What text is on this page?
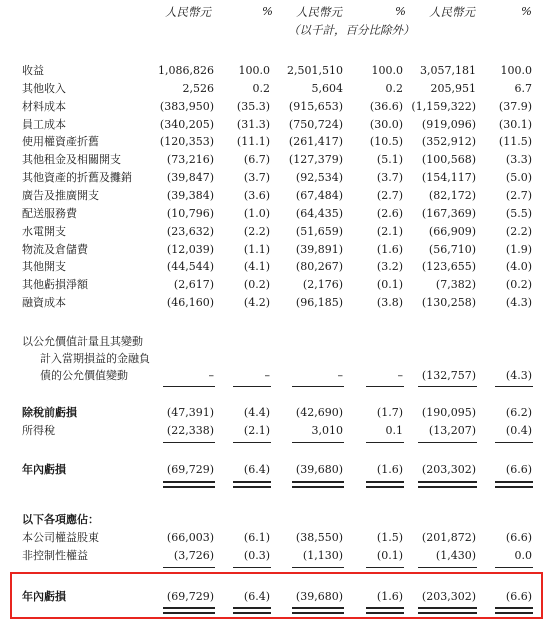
人民幣元	% 人民幣元	% 人民幣元	%
（以千計，百分比除外）
收益	1,086,826 100.0 2,501,510	100.0 3,057,181 100.0
其他收入	2,526	0.2	5,604	0.2	205,951	6.7
材料成本	(383,950) (35.3) (915,653) (36.6) (1,159,322) (37.9)
員工成本	(340,205) (31.3) (750,724) (30.0) (919,096) (30.1)
使用權資產折舊	(120,353) (11.1) (261,417) (10.5) (352,912) (11.5)
其他租金及相關開支	(73,216)	(6.7) (127,379)	(5.1) (100,568)	(3.3)
其他資產的折舊及攤銷	(39,847)	(3.7) (92,534)	(3.7) (154,117)	(5.0)
廣告及推廣開支	(39,384)	(3.6) (67,484)	(2.7) (82,172)	(2.7)
配送服務費	(10,796)	(1.0) (64,435)	(2.6) (167,369)	(5.5)
水電開支	(23,632)	(2.2) (51,659)	(2.1) (66,909)	(2.2)
物流及倉儲費	(12,039)	(1.1) (39,891)	(1.6) (56,710)	(1.9)
其他開支	(44,544)	(4.1) (80,267)	(3.2) (123,655)	(4.0)
其他虧損淨額	(2,617)	(0.2)	(2,176)	(0.1)	(7,382)	(0.2)
融資成本	(46,160)	(4.2) (96,185)	(3.8) (130,258)	(4.3)
以公允價值計量且其變動
計入當期損益的金融負
債的公允價值變動	–	–	–	– (132,757)	(4.3)
除稅前虧損	(47,391)	(4.4) (42,690)	(1.7) (190,095)	(6.2)
所得稅	(22,338)	(2.1)	3,010	0.1 (13,207)	(0.4)
年內虧損	(69,729)	(6.4) (39,680)	(1.6) (203,302)	(6.6)
以下各項應佔：
本公司權益股東	(66,003)	(6.1) (38,550)	(1.5) (201,872)	(6.6)
非控制性權益	(3,726)	(0.3)	(1,130)	(0.1)	(1,430)	0.0
年內虧損	(69,729)	(6.4) (39,680)	(1.6) (203,302)	(6.6)
